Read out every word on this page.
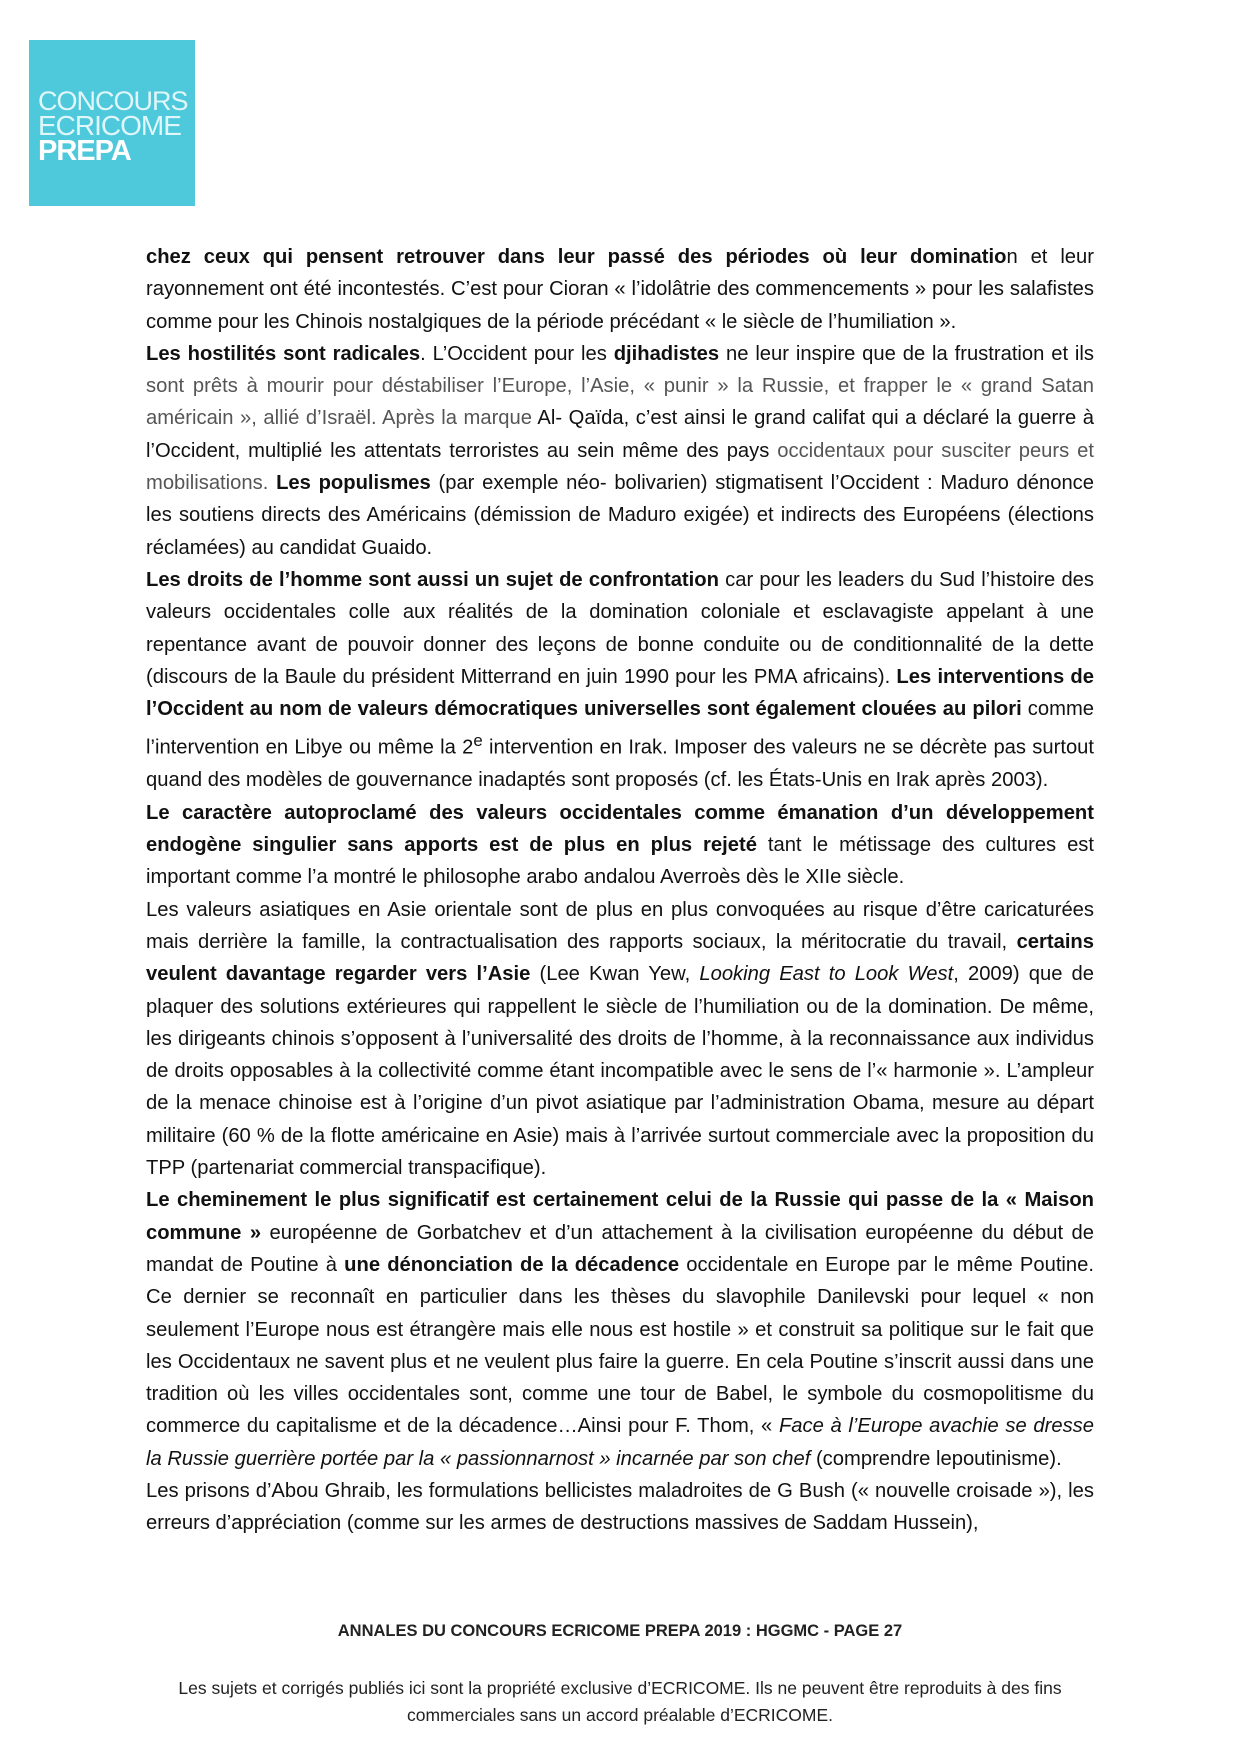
CONCOURS
ECRICOME
PREPA

chez ceux qui pensent retrouver dans leur passé des périodes où leur domination et leur rayonnement ont été incontestés. C’est pour Cioran « l’idolâtrie des commencements » pour les salafistes comme pour les Chinois nostalgiques de la période précédant « le siècle de l’humiliation ».

Les hostilités sont radicales. L’Occident pour les djihadistes ne leur inspire que de la frustration et ils sont prêts à mourir pour déstabiliser l’Europe, l’Asie, « punir » la Russie, et frapper le « grand Satan américain », allié d’Israël. Après la marque Al- Qaïda, c’est ainsi le grand califat qui a déclaré la guerre à l’Occident, multiplié les attentats terroristes au sein même des pays occidentaux pour susciter peurs et mobilisations. Les populismes (par exemple néo- bolivarien) stigmatisent l’Occident : Maduro dénonce les soutiens directs des Américains (démission de Maduro exigée) et indirects des Européens (élections réclamées) au candidat Guaido.

Les droits de l’homme sont aussi un sujet de confrontation car pour les leaders du Sud l’histoire des valeurs occidentales colle aux réalités de la domination coloniale et esclavagiste appelant à une repentance avant de pouvoir donner des leçons de bonne conduite ou de conditionnalité de la dette (discours de la Baule du président Mitterrand en juin 1990 pour les PMA africains). Les interventions de l’Occident au nom de valeurs démocratiques universelles sont également clouées au pilori comme l’intervention en Libye ou même la 2e intervention en Irak. Imposer des valeurs ne se décrète pas surtout quand des modèles de gouvernance inadaptés sont proposés (cf. les États-Unis en Irak après 2003).

Le caractère autoproclamé des valeurs occidentales comme émanation d’un développement endogène singulier sans apports est de plus en plus rejeté tant le métissage des cultures est important comme l’a montré le philosophe arabo andalou Averroès dès le XIIe siècle.

Les valeurs asiatiques en Asie orientale sont de plus en plus convoquées au risque d’être caricaturées mais derrière la famille, la contractualisation des rapports sociaux, la méritocratie du travail, certains veulent davantage regarder vers l’Asie (Lee Kwan Yew, Looking East to Look West, 2009) que de plaquer des solutions extérieures qui rappellent le siècle de l’humiliation ou de la domination. De même, les dirigeants chinois s’opposent à l’universalité des droits de l’homme, à la reconnaissance aux individus de droits opposables à la collectivité comme étant incompatible avec le sens de l’« harmonie ». L’ampleur de la menace chinoise est à l’origine d’un pivot asiatique par l’administration Obama, mesure au départ militaire (60 % de la flotte américaine en Asie) mais à l’arrivée surtout commerciale avec la proposition du TPP (partenariat commercial transpacifique).

Le cheminement le plus significatif est certainement celui de la Russie qui passe de la « Maison commune » européenne de Gorbatchev et d’un attachement à la civilisation européenne du début de mandat de Poutine à une dénonciation de la décadence occidentale en Europe par le même Poutine. Ce dernier se reconnaît en particulier dans les thèses du slavophile Danilevski pour lequel « non seulement l’Europe nous est étrangère mais elle nous est hostile » et construit sa politique sur le fait que les Occidentaux ne savent plus et ne veulent plus faire la guerre. En cela Poutine s’inscrit aussi dans une tradition où les villes occidentales sont, comme une tour de Babel, le symbole du cosmopolitisme du commerce du capitalisme et de la décadence…Ainsi pour F. Thom, « Face à l’Europe avachie se dresse la Russie guerrière portée par la « passionnarnost » incarnée par son chef (comprendre lepoutinisme).

Les prisons d’Abou Ghraib, les formulations bellicistes maladroites de G Bush (« nouvelle croisade »), les erreurs d’appréciation (comme sur les armes de destructions massives de Saddam Hussein),

ANNALES DU CONCOURS ECRICOME PREPA 2019 : HGGMC - PAGE 27
Les sujets et corrigés publiés ici sont la propriété exclusive d’ECRICOME. Ils ne peuvent être reproduits à des fins commerciales sans un accord préalable d’ECRICOME.
